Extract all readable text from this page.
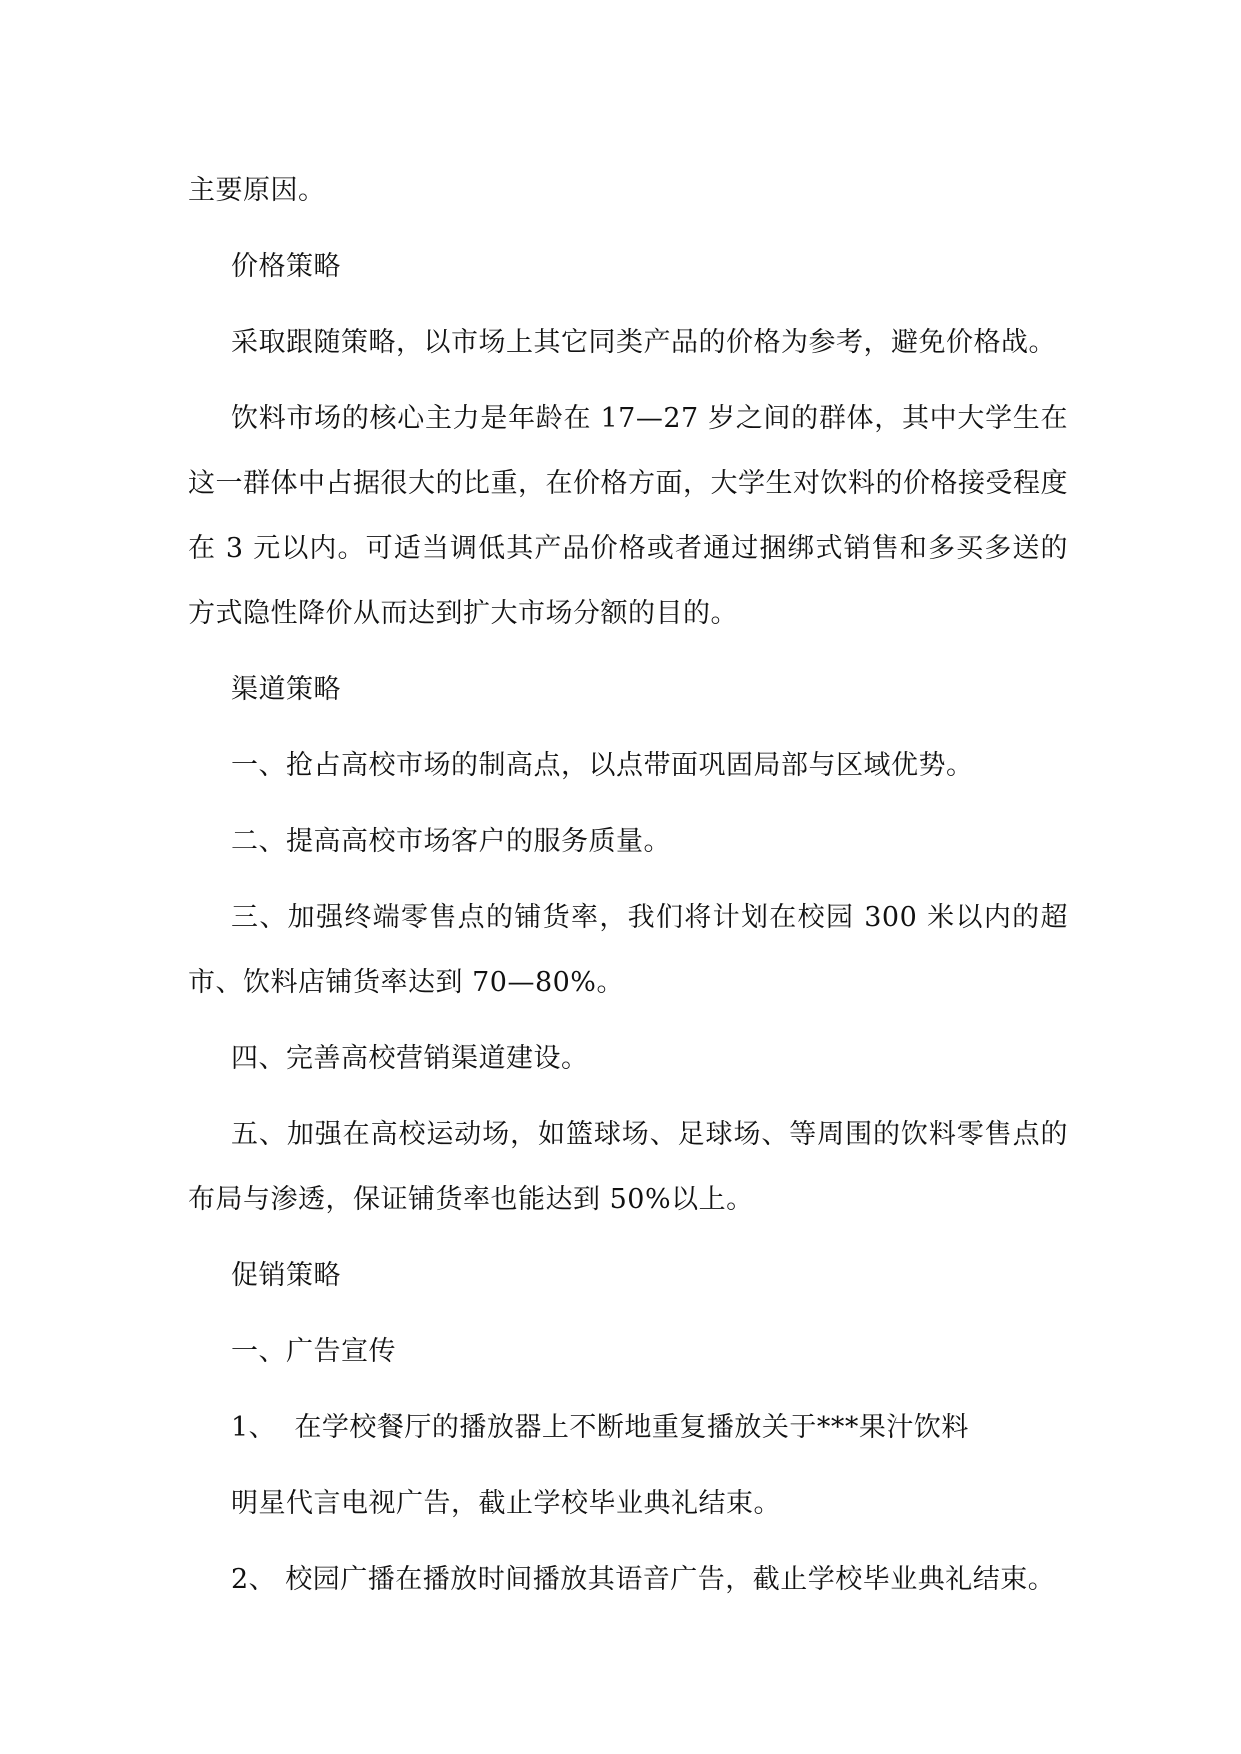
主要原因。

价格策略

采取跟随策略，以市场上其它同类产品的价格为参考，避免价格战。

饮料市场的核心主力是年龄在 17—27 岁之间的群体，其中大学生在这一群体中占据很大的比重，在价格方面，大学生对饮料的价格接受程度在 3 元以内。可适当调低其产品价格或者通过捆绑式销售和多买多送的方式隐性降价从而达到扩大市场分额的目的。

渠道策略

一、抢占高校市场的制高点，以点带面巩固局部与区域优势。

二、提高高校市场客户的服务质量。

三、加强终端零售点的铺货率，我们将计划在校园 300 米以内的超市、饮料店铺货率达到 70—80%。

四、完善高校营销渠道建设。

五、加强在高校运动场，如篮球场、足球场、等周围的饮料零售点的布局与渗透，保证铺货率也能达到 50%以上。

促销策略

一、广告宣传

1、  在学校餐厅的播放器上不断地重复播放关于***果汁饮料

明星代言电视广告，截止学校毕业典礼结束。

2、 校园广播在播放时间播放其语音广告，截止学校毕业典礼结束。
